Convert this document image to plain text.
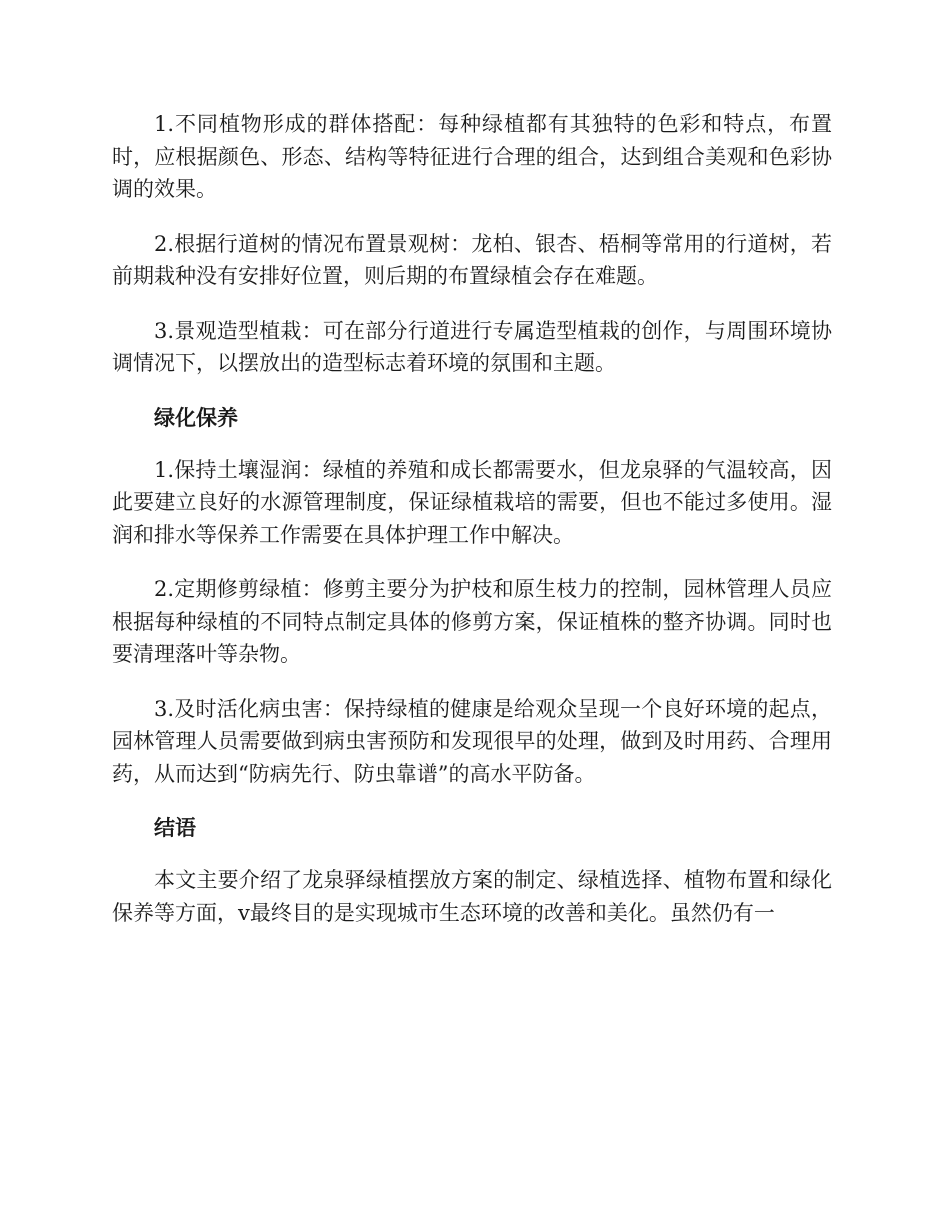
1.不同植物形成的群体搭配：每种绿植都有其独特的色彩和特点，布置时，应根据颜色、形态、结构等特征进行合理的组合，达到组合美观和色彩协调的效果。

2.根据行道树的情况布置景观树：龙柏、银杏、梧桐等常用的行道树，若前期栽种没有安排好位置，则后期的布置绿植会存在难题。

3.景观造型植栽：可在部分行道进行专属造型植栽的创作，与周围环境协调情况下，以摆放出的造型标志着环境的氛围和主题。

绿化保养

1.保持土壤湿润：绿植的养殖和成长都需要水，但龙泉驿的气温较高，因此要建立良好的水源管理制度，保证绿植栽培的需要，但也不能过多使用。湿润和排水等保养工作需要在具体护理工作中解决。

2.定期修剪绿植：修剪主要分为护枝和原生枝力的控制，园林管理人员应根据每种绿植的不同特点制定具体的修剪方案，保证植株的整齐协调。同时也要清理落叶等杂物。

3.及时活化病虫害：保持绿植的健康是给观众呈现一个良好环境的起点，园林管理人员需要做到病虫害预防和发现很早的处理，做到及时用药、合理用药，从而达到“防病先行、防虫靠谱”的高水平防备。

结语

本文主要介绍了龙泉驿绿植摆放方案的制定、绿植选择、植物布置和绿化保养等方面，v最终目的是实现城市生态环境的改善和美化。虽然仍有一
